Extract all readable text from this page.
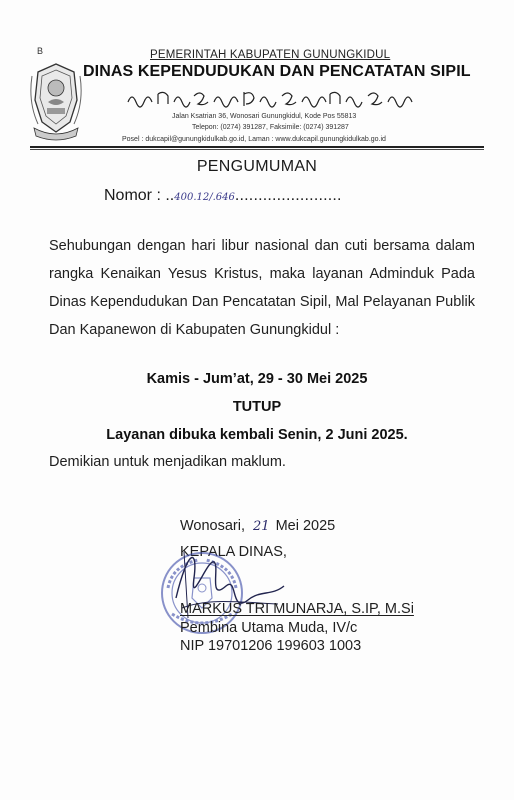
B	PEMERINTAH KABUPATEN GUNUNGKIDUL
DINAS KEPENDUDUKAN DAN PENCATATAN SIPIL
Jalan Ksatrian 36, Wonosari Gunungkidul, Kode Pos 55813
Telepon: (0274) 391287, Faksimile: (0274) 391287
Posel : dukcapil@gunungkidulkab.go.id, Laman : www.dukcapil.gunungkidulkab.go.id
PENGUMUMAN
Nomor : ..400.12/.646.......................

Sehubungan dengan hari libur nasional dan cuti bersama dalam rangka Kenaikan Yesus Kristus, maka layanan Adminduk Pada Dinas Kependudukan Dan Pencatatan Sipil, Mal Pelayanan Publik Dan Kapanewon di Kabupaten Gunungkidul :

Kamis - Jum’at, 29 - 30 Mei 2025
TUTUP
Layanan dibuka kembali Senin, 2 Juni 2025.
Demikian untuk menjadikan maklum.
Wonosari, 21 Mei 2025
KEPALA DINAS,
MARKUS TRI MUNARJA, S.IP, M.Si
Pembina Utama Muda, IV/c
NIP 19701206 199603 1003
